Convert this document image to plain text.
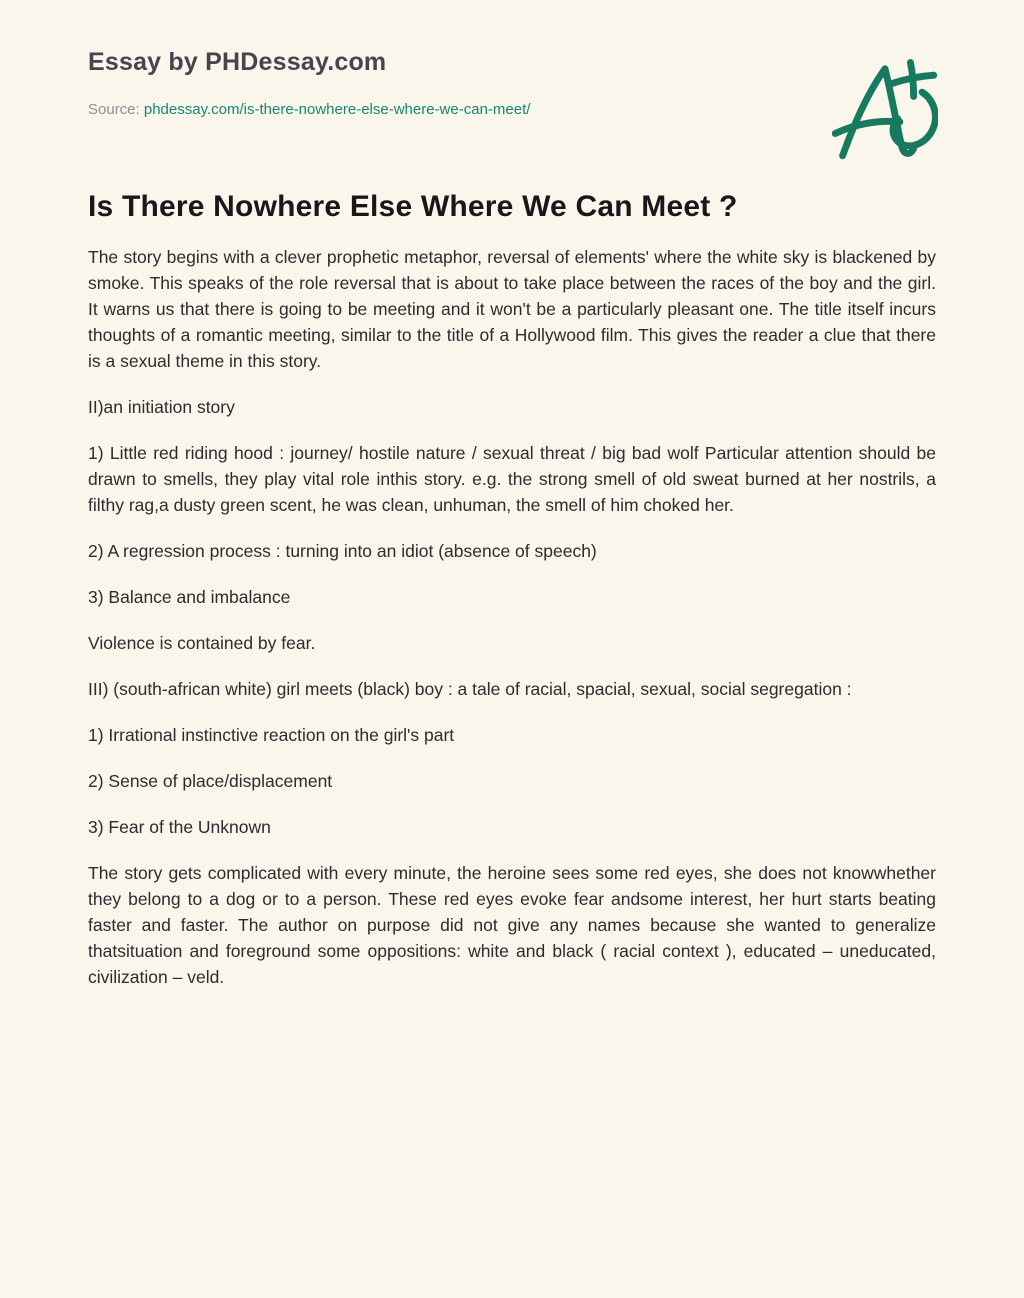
Essay by PHDessay.com
Source: phdessay.com/is-there-nowhere-else-where-we-can-meet/
Is There Nowhere Else Where We Can Meet ?

The story begins with a clever prophetic metaphor, reversal of elements' where the white sky is blackened by smoke. This speaks of the role reversal that is about to take place between the races of the boy and the girl. It warns us that there is going to be meeting and it won't be a particularly pleasant one. The title itself incurs thoughts of a romantic meeting, similar to the title of a Hollywood film. This gives the reader a clue that there is a sexual theme in this story.

II)an initiation story

1) Little red riding hood : journey/ hostile nature / sexual threat / big bad wolf Particular attention should be drawn to smells, they play vital role inthis story. e.g. the strong smell of old sweat burned at her nostrils, a filthy rag,a dusty green scent, he was clean, unhuman, the smell of him choked her.

2) A regression process : turning into an idiot (absence of speech)

3) Balance and imbalance

Violence is contained by fear.

III) (south-african white) girl meets (black) boy : a tale of racial, spacial, sexual, social segregation :

1) Irrational instinctive reaction on the girl's part

2) Sense of place/displacement

3) Fear of the Unknown

The story gets complicated with every minute, the heroine sees some red eyes, she does not knowwhether they belong to a dog or to a person. These red eyes evoke fear andsome interest, her hurt starts beating faster and faster. The author on purpose did not give any names because she wanted to generalize thatsituation and foreground some oppositions: white and black ( racial context ), educated – uneducated, civilization – veld.
